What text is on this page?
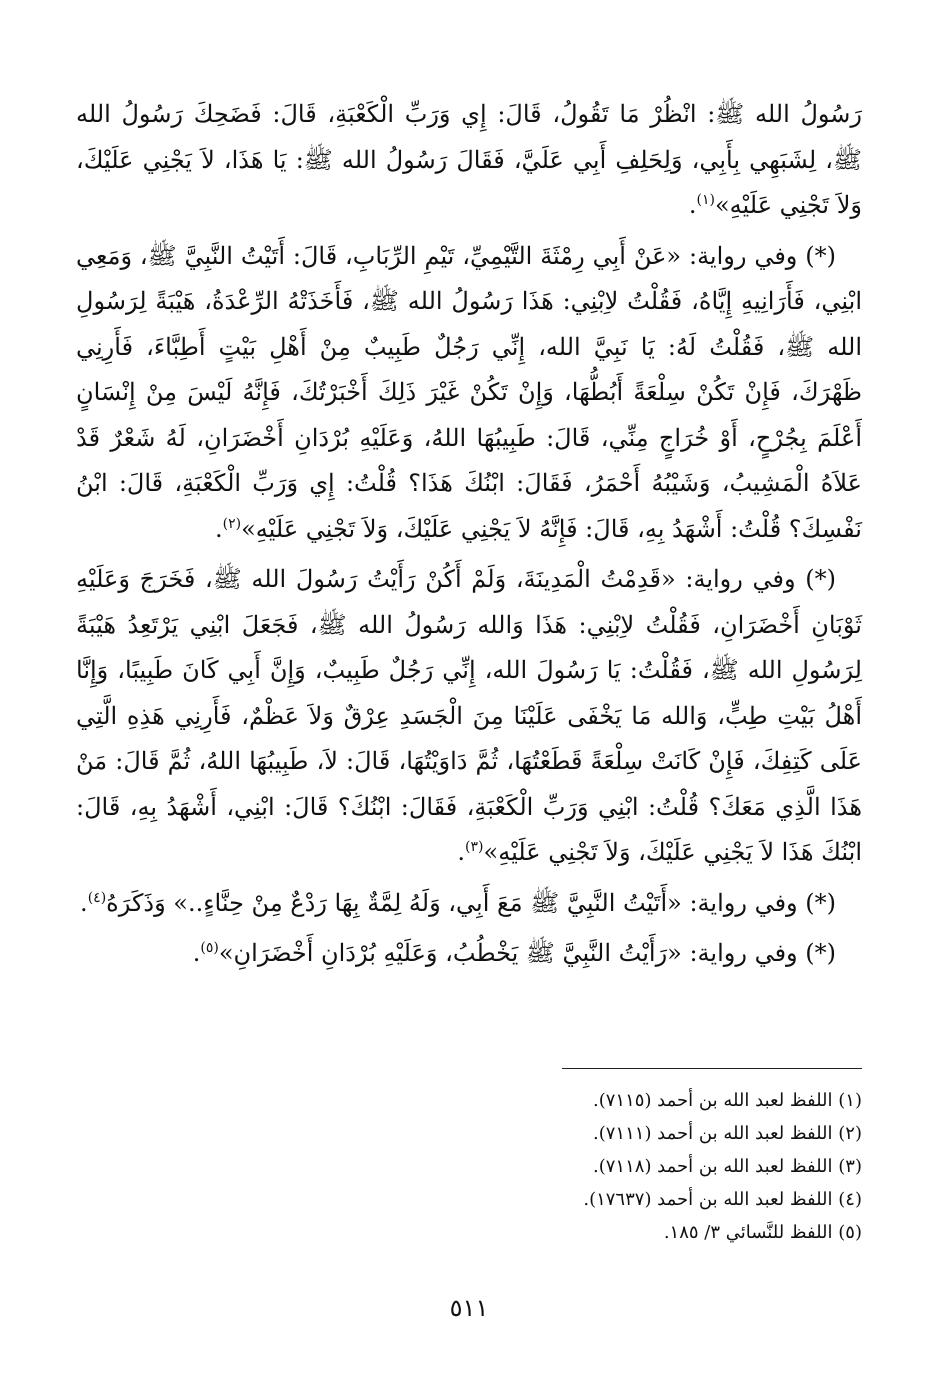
رَسُولُ الله ﷺ: انْظُرْ مَا تَقُولُ، قَالَ: إِي وَرَبِّ الْكَعْبَةِ، قَالَ: فَضَحِكَ رَسُولُ الله ﷺ، لِشَبَهِي بِأَبِي، وَلِحَلِفِ أَبِي عَلَيَّ، فَقَالَ رَسُولُ الله ﷺ: يَا هَذَا، لاَ يَجْنِي عَلَيْكَ، وَلاَ تَجْنِي عَلَيْهِ»$^{(١)}$.

(*) وفي رواية: «عَنْ أَبِي رِمْثَةَ التَّيْمِيِّ، تَيْمِ الرِّبَابِ، قَالَ: أَتَيْتُ النَّبِيَّ ﷺ، وَمَعِي ابْنِي، فَأَرَانِيهِ إِيَّاهُ، فَقُلْتُ لاِبْنِي: هَذَا رَسُولُ الله ﷺ، فَأَخَذَتْهُ الرِّعْدَةُ، هَيْبَةً لِرَسُولِ الله ﷺ، فَقُلْتُ لَهُ: يَا نَبِيَّ الله، إِنِّي رَجُلٌ طَبِيبٌ مِنْ أَهْلِ بَيْتٍ أَطِبَّاءَ، فَأَرِنِي ظَهْرَكَ، فَإِنْ تَكُنْ سِلْعَةً أَبُطُّهَا، وَإِنْ تَكُنْ غَيْرَ ذَلِكَ أَخْبَرْتُكَ، فَإِنَّهُ لَيْسَ مِنْ إِنْسَانٍ أَعْلَمَ بِجُرْحٍ، أَوْ خُرَاجٍ مِنِّي، قَالَ: طَبِيبُهَا اللهُ، وَعَلَيْهِ بُرْدَانِ أَخْضَرَانِ، لَهُ شَعْرٌ قَدْ عَلاَهُ الْمَشِيبُ، وَشَيْبُهُ أَحْمَرُ، فَقَالَ: ابْنُكَ هَذَا؟ قُلْتُ: إِي وَرَبِّ الْكَعْبَةِ، قَالَ: ابْنُ نَفْسِكَ؟ قُلْتُ: أَشْهَدُ بِهِ، قَالَ: فَإِنَّهُ لاَ يَجْنِي عَلَيْكَ، وَلاَ تَجْنِي عَلَيْهِ»$^{(٢)}$.

(*) وفي رواية: «قَدِمْتُ الْمَدِينَةَ، وَلَمْ أَكُنْ رَأَيْتُ رَسُولَ الله ﷺ، فَخَرَجَ وَعَلَيْهِ ثَوْبَانِ أَخْضَرَانِ، فَقُلْتُ لاِبْنِي: هَذَا وَالله رَسُولُ الله ﷺ، فَجَعَلَ ابْنِي يَرْتَعِدُ هَيْبَةً لِرَسُولِ الله ﷺ، فَقُلْتُ: يَا رَسُولَ الله، إِنِّي رَجُلٌ طَبِيبٌ، وَإِنَّ أَبِي كَانَ طَبِيبًا، وَإِنَّا أَهْلُ بَيْتِ طِبٍّ، وَالله مَا يَخْفَى عَلَيْنَا مِنَ الْجَسَدِ عِرْقٌ وَلاَ عَظْمٌ، فَأَرِنِي هَذِهِ الَّتِي عَلَى كَتِفِكَ، فَإِنْ كَانَتْ سِلْعَةً قَطَعْتُهَا، ثُمَّ دَاوَيْتُهَا، قَالَ: لاَ، طَبِيبُهَا اللهُ، ثُمَّ قَالَ: مَنْ هَذَا الَّذِي مَعَكَ؟ قُلْتُ: ابْنِي وَرَبِّ الْكَعْبَةِ، فَقَالَ: ابْنُكَ؟ قَالَ: ابْنِي، أَشْهَدُ بِهِ، قَالَ: ابْنُكَ هَذَا لاَ يَجْنِي عَلَيْكَ، وَلاَ تَجْنِي عَلَيْهِ»$^{(٣)}$.

(*) وفي رواية: «أَتَيْتُ النَّبِيَّ ﷺ مَعَ أَبِي، وَلَهُ لِمَّةٌ بِهَا رَدْعٌ مِنْ حِنَّاءٍ..» وَذَكَرَهُ$^{(٤)}$.

(*) وفي رواية: «رَأَيْتُ النَّبِيَّ ﷺ يَخْطُبُ، وَعَلَيْهِ بُرْدَانِ أَخْضَرَانِ»$^{(٥)}$.

(١) اللفظ لعبد الله بن أحمد (٧١١٥).
(٢) اللفظ لعبد الله بن أحمد (٧١١١).
(٣) اللفظ لعبد الله بن أحمد (٧١١٨).
(٤) اللفظ لعبد الله بن أحمد (١٧٦٣٧).
(٥) اللفظ للنَّسائي ٣/ ١٨٥.
٥١١
